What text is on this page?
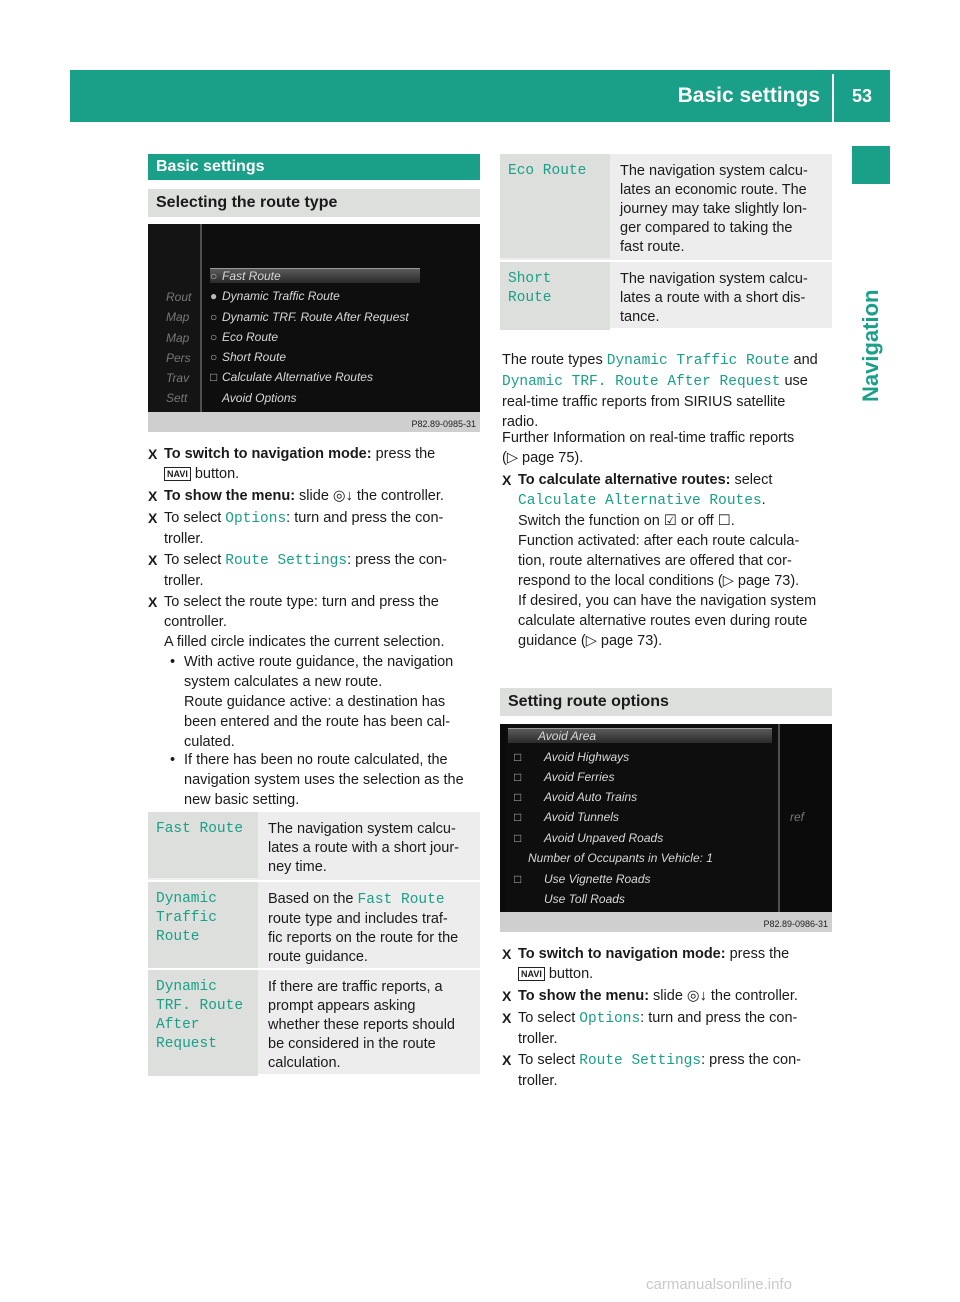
Basic settings 53
Navigation
Basic settings
Selecting the route type
Rout
Map
Map
Pers
Trav
Sett
○ Fast Route
● Dynamic Traffic Route
○ Dynamic TRF. Route After Request
○ Eco Route
○ Short Route
□ Calculate Alternative Routes
Avoid Options
P82.89-0985-31
X To switch to navigation mode: press the
NAVI button.
X To show the menu: slide ◎↓ the controller.
X To select Options: turn and press the con-
troller.
X To select Route Settings: press the con-
troller.
X To select the route type: turn and press the
controller.
A filled circle indicates the current selection.
• With active route guidance, the navigation
system calculates a new route.
Route guidance active: a destination has
been entered and the route has been cal-
culated.
• If there has been no route calculated, the
navigation system uses the selection as the
new basic setting.
Fast Route The navigation system calcu-
lates a route with a short jour-
ney time.
Dynamic
Traffic
Route
Based on the Fast Route
route type and includes traf-
fic reports on the route for the
route guidance.
Dynamic
TRF. Route
After
Request
If there are traffic reports, a
prompt appears asking
whether these reports should
be considered in the route
calculation.
Eco Route The navigation system calcu-
lates an economic route. The
journey may take slightly lon-
ger compared to taking the
fast route.
Short
Route
The navigation system calcu-
lates a route with a short dis-
tance.
The route types Dynamic Traffic Route and
Dynamic TRF. Route After Request use
real-time traffic reports from SIRIUS satellite
radio.
Further Information on real-time traffic reports
(▷ page 75).
X To calculate alternative routes: select
Calculate Alternative Routes.
Switch the function on ☑ or off ☐.
Function activated: after each route calcula-
tion, route alternatives are offered that cor-
respond to the local conditions (▷ page 73).
If desired, you can have the navigation system
calculate alternative routes even during route
guidance (▷ page 73).
Setting route options
Avoid Area
□ Avoid Highways
□ Avoid Ferries
□ Avoid Auto Trains
□ Avoid Tunnels
□ Avoid Unpaved Roads
Number of Occupants in Vehicle: 1
□ Use Vignette Roads
Use Toll Roads
ref
P82.89-0986-31
X To switch to navigation mode: press the
NAVI button.
X To show the menu: slide ◎↓ the controller.
X To select Options: turn and press the con-
troller.
X To select Route Settings: press the con-
troller.
carmanualsonline.info
